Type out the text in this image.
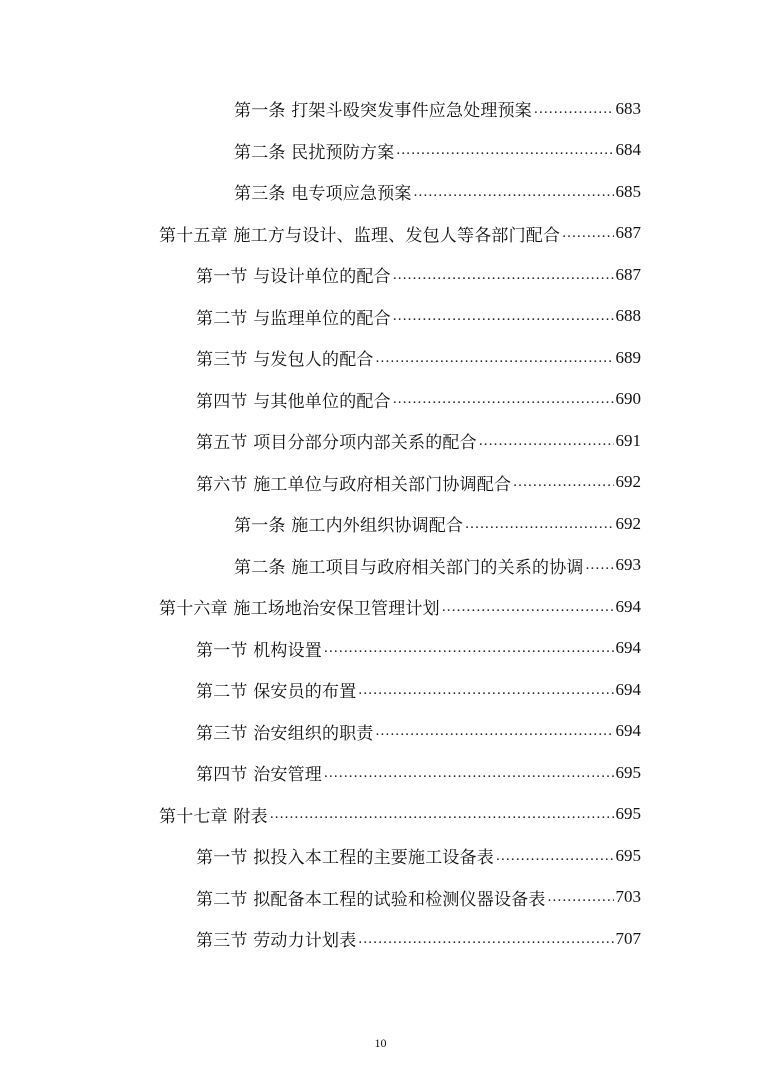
第一条 打架斗殴突发事件应急处理预案 .....	683
第二条 民扰预防方案 .....	684
第三条 电专项应急预案 .....	685
第十五章 施工方与设计、监理、发包人等各部门配合 .....	687
第一节 与设计单位的配合 .....	687
第二节 与监理单位的配合 .....	688
第三节 与发包人的配合 .....	689
第四节 与其他单位的配合 .....	690
第五节 项目分部分项内部关系的配合 .....	691
第六节 施工单位与政府相关部门协调配合 .....	692
第一条 施工内外组织协调配合 .....	692
第二条 施工项目与政府相关部门的关系的协调 ..... 693
第十六章 施工场地治安保卫管理计划 .....	694
第一节 机构设置 .....	694
第二节 保安员的布置 .....	694
第三节 治安组织的职责 .....	694
第四节 治安管理 .....	695
第十七章 附表 .....	695
第一节 拟投入本工程的主要施工设备表 .....	695
第二节 拟配备本工程的试验和检测仪器设备表 .....	703
第三节 劳动力计划表 .....	707
10
